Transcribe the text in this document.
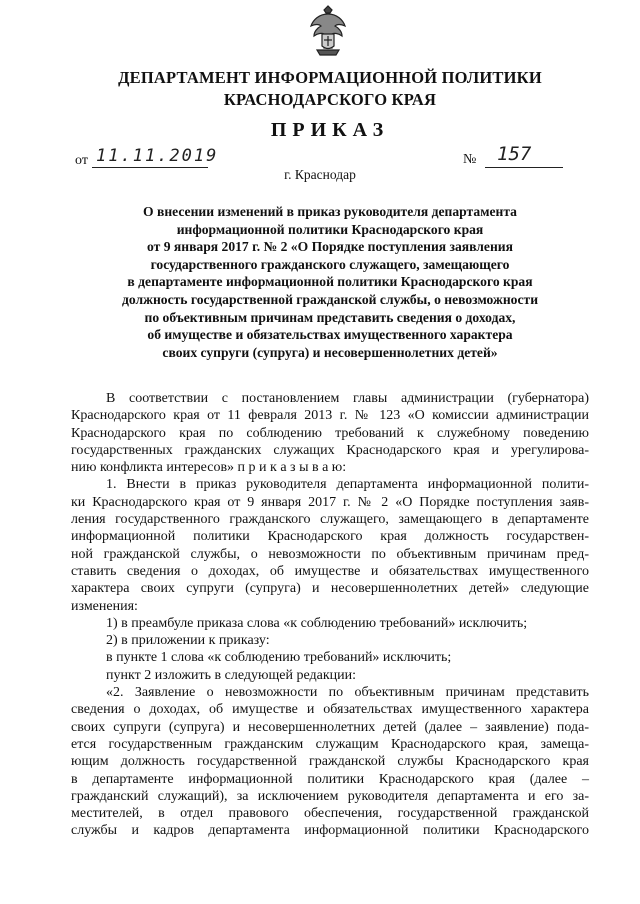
ДЕПАРТАМЕНТ ИНФОРМАЦИОННОЙ ПОЛИТИКИ
КРАСНОДАРСКОГО КРАЯ
ПРИКАЗ
от 11.11.2019	№ 157
г. Краснодар
О внесении изменений в приказ руководителя департамента
информационной политики Краснодарского края
от 9 января 2017 г. № 2 «О Порядке поступления заявления
государственного гражданского служащего, замещающего
в департаменте информационной политики Краснодарского края
должность государственной гражданской службы, о невозможности
по объективным причинам представить сведения о доходах,
об имуществе и обязательствах имущественного характера
своих супруги (супруга) и несовершеннолетних детей»
В соответствии с постановлением главы администрации (губернатора)
Краснодарского края от 11 февраля 2013 г. № 123 «О комиссии администрации
Краснодарского края по соблюдению требований к служебному поведению
государственных гражданских служащих Краснодарского края и урегулирова-
нию конфликта интересов» п р и к а з ы в а ю:
1. Внести в приказ руководителя департамента информационной полити-
ки Краснодарского края от 9 января 2017 г. № 2 «О Порядке поступления заяв-
ления государственного гражданского служащего, замещающего в департаменте
информационной политики Краснодарского края должность государствен-
ной гражданской службы, о невозможности по объективным причинам пред-
ставить сведения о доходах, об имуществе и обязательствах имущественного
характера своих супруги (супруга) и несовершеннолетних детей» следующие
изменения:
1) в преамбуле приказа слова «к соблюдению требований» исключить;
2) в приложении к приказу:
в пункте 1 слова «к соблюдению требований» исключить;
пункт 2 изложить в следующей редакции:
«2. Заявление о невозможности по объективным причинам представить
сведения о доходах, об имуществе и обязательствах имущественного характера
своих супруги (супруга) и несовершеннолетних детей (далее – заявление) пода-
ется государственным гражданским служащим Краснодарского края, замеща-
ющим должность государственной гражданской службы Краснодарского края
в департаменте информационной политики Краснодарского края (далее –
гражданский служащий), за исключением руководителя департамента и его за-
местителей, в отдел правового обеспечения, государственной гражданской
службы и кадров департамента информационной политики Краснодарского
